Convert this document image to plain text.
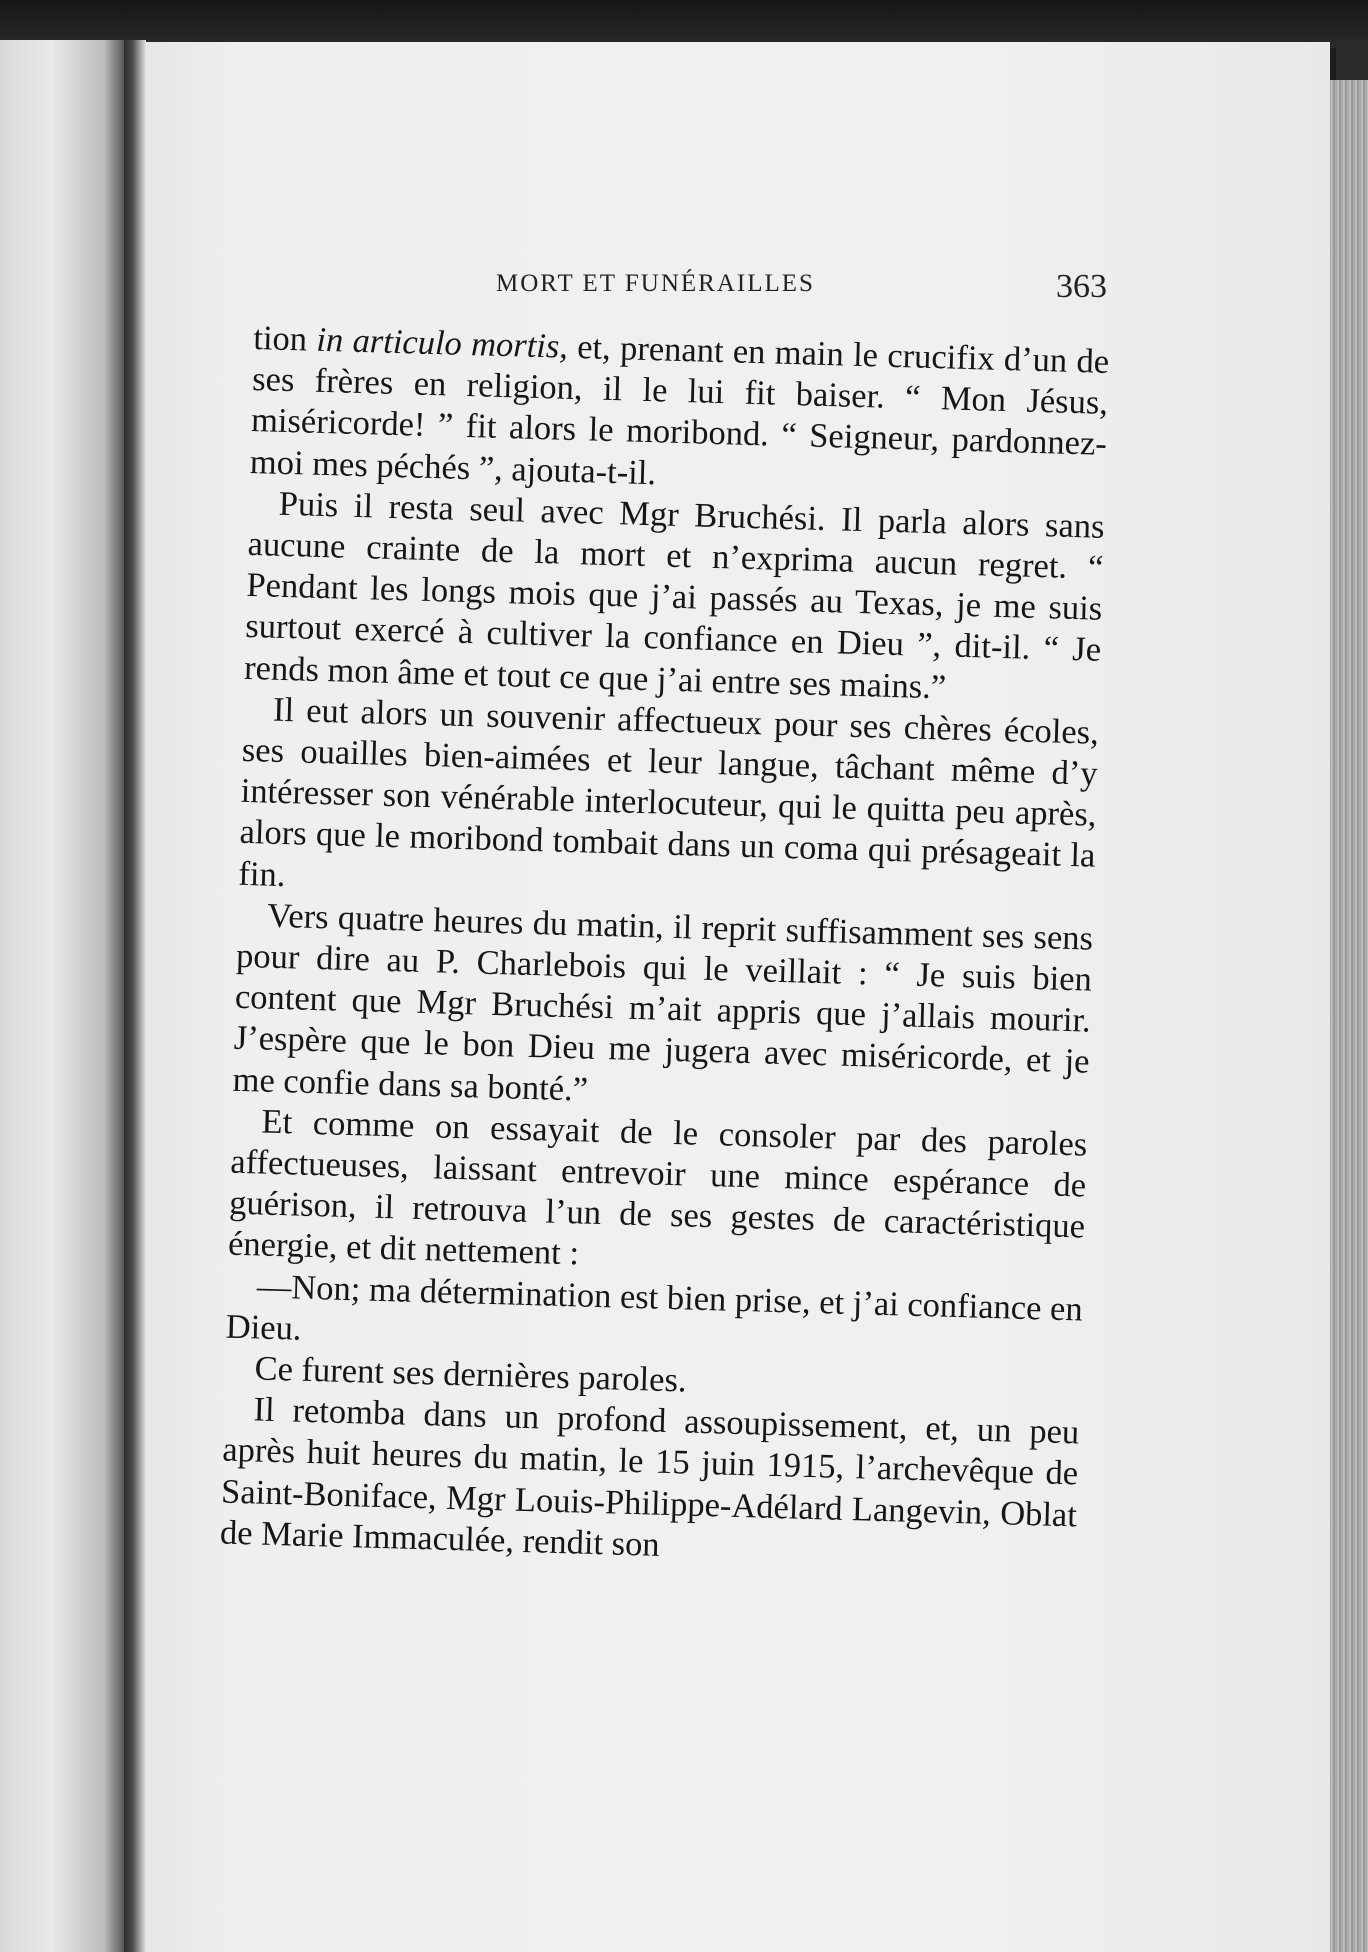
MORT ET FUNÉRAILLES	363

tion in articulo mortis, et, prenant en main le crucifix d’un de ses frères en religion, il le lui fit baiser. “ Mon Jésus, miséricorde! ” fit alors le moribond. “ Seigneur, pardonnez-moi mes péchés ”, ajouta-t-il.

Puis il resta seul avec Mgr Bruchési. Il parla alors sans aucune crainte de la mort et n’exprima aucun regret. “ Pendant les longs mois que j’ai passés au Texas, je me suis surtout exercé à cultiver la confiance en Dieu ”, dit-il. “ Je rends mon âme et tout ce que j’ai entre ses mains.”

Il eut alors un souvenir affectueux pour ses chères écoles, ses ouailles bien-aimées et leur langue, tâchant même d’y intéresser son vénérable interlocuteur, qui le quitta peu après, alors que le moribond tombait dans un coma qui présageait la fin.

Vers quatre heures du matin, il reprit suffisamment ses sens pour dire au P. Charlebois qui le veillait : “ Je suis bien content que Mgr Bruchési m’ait appris que j’allais mourir. J’espère que le bon Dieu me jugera avec miséricorde, et je me confie dans sa bonté.”

Et comme on essayait de le consoler par des paroles affectueuses, laissant entrevoir une mince espérance de guérison, il retrouva l’un de ses gestes de caractéristique énergie, et dit nettement :

—Non; ma détermination est bien prise, et j’ai confiance en Dieu.

Ce furent ses dernières paroles.

Il retomba dans un profond assoupissement, et, un peu après huit heures du matin, le 15 juin 1915, l’archevêque de Saint-Boniface, Mgr Louis-Philippe-Adélard Langevin, Oblat de Marie Immaculée, rendit son
